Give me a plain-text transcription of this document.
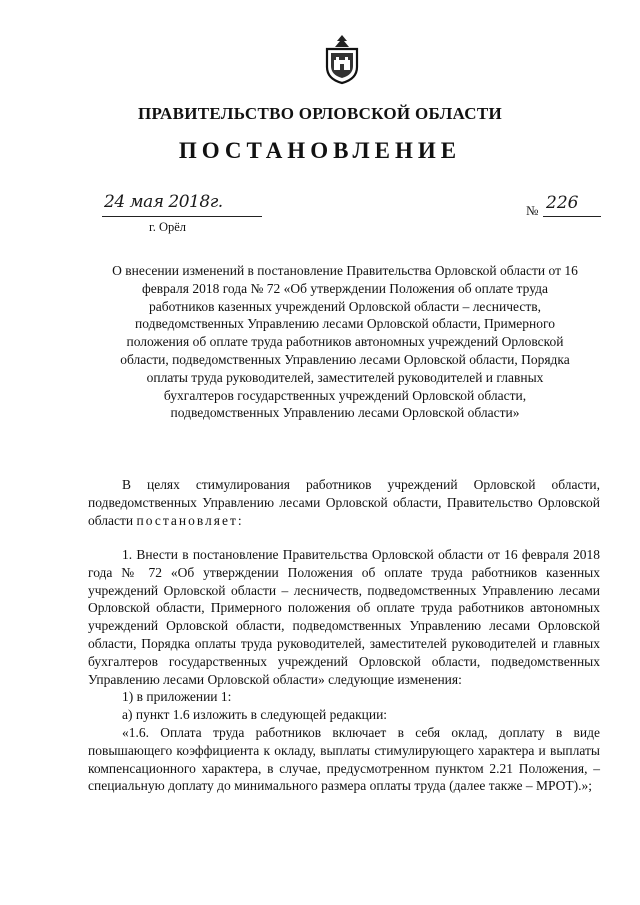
ПРАВИТЕЛЬСТВО ОРЛОВСКОЙ ОБЛАСТИ
ПОСТАНОВЛЕНИЕ
24 мая 2018г.
г. Орёл
№ 226
О внесении изменений в постановление Правительства Орловской области от 16 февраля 2018 года № 72 «Об утверждении Положения об оплате труда работников казенных учреждений Орловской области – лесничеств, подведомственных Управлению лесами Орловской области, Примерного положения об оплате труда работников автономных учреждений Орловской области, подведомственных Управлению лесами Орловской области, Порядка оплаты труда руководителей, заместителей руководителей и главных бухгалтеров государственных учреждений Орловской области, подведомственных Управлению лесами Орловской области»

В целях стимулирования работников учреждений Орловской области, подведомственных Управлению лесами Орловской области, Правительство Орловской области постановляет:

1. Внести в постановление Правительства Орловской области от 16 февраля 2018 года № 72 «Об утверждении Положения об оплате труда работников казенных учреждений Орловской области – лесничеств, подведомственных Управлению лесами Орловской области, Примерного положения об оплате труда работников автономных учреждений Орловской области, подведомственных Управлению лесами Орловской области, Порядка оплаты труда руководителей, заместителей руководителей и главных бухгалтеров государственных учреждений Орловской области, подведомственных Управлению лесами Орловской области» следующие изменения:

1) в приложении 1:

а) пункт 1.6 изложить в следующей редакции:

«1.6. Оплата труда работников включает в себя оклад, доплату в виде повышающего коэффициента к окладу, выплаты стимулирующего характера и выплаты компенсационного характера, в случае, предусмотренном пунктом 2.21 Положения, – специальную доплату до минимального размера оплаты труда (далее также – МРОТ).»;
